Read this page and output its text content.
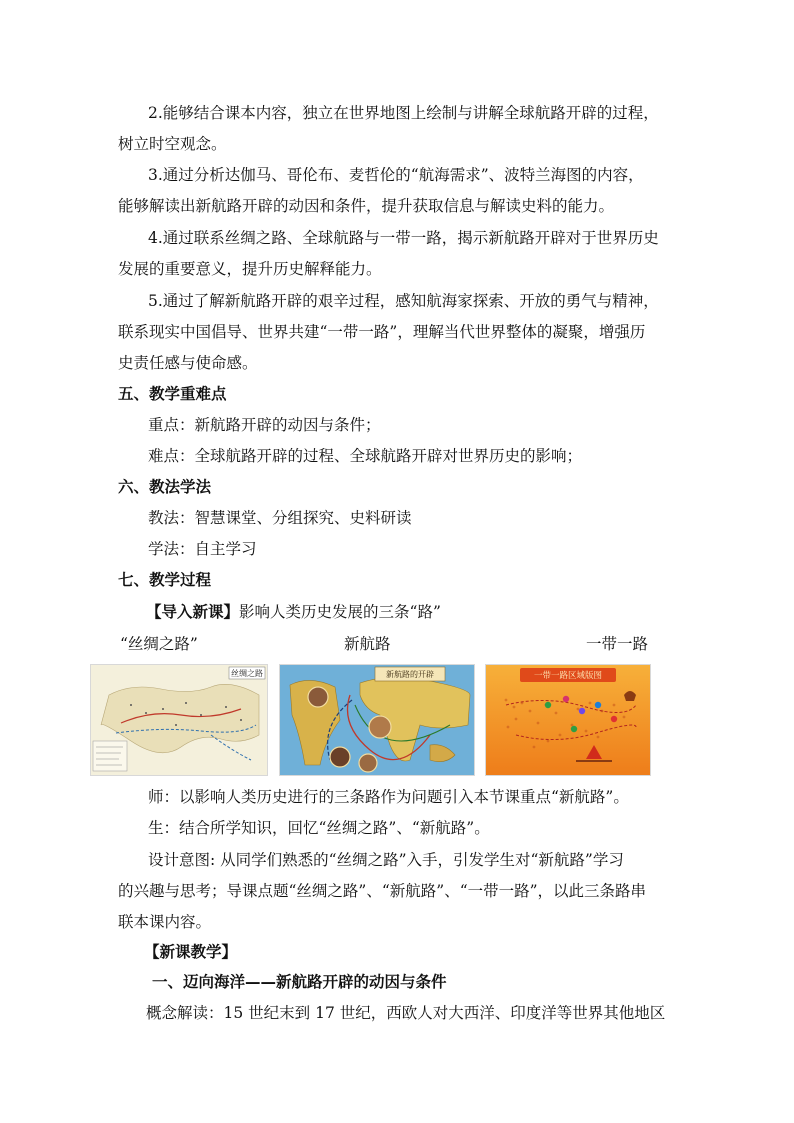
2.能够结合课本内容，独立在世界地图上绘制与讲解全球航路开辟的过程，
树立时空观念。
3.通过分析达伽马、哥伦布、麦哲伦的“航海需求”、波特兰海图的内容，
能够解读出新航路开辟的动因和条件，提升获取信息与解读史料的能力。
4.通过联系丝绸之路、全球航路与一带一路，揭示新航路开辟对于世界历史
发展的重要意义，提升历史解释能力。
5.通过了解新航路开辟的艰辛过程，感知航海家探索、开放的勇气与精神，
联系现实中国倡导、世界共建“一带一路”，理解当代世界整体的凝聚，增强历
史责任感与使命感。
五、教学重难点
重点：新航路开辟的动因与条件；
难点：全球航路开辟的过程、全球航路开辟对世界历史的影响；
六、教法学法
教法：智慧课堂、分组探究、史料研读
学法：自主学习
七、教学过程
【导入新课】影响人类历史发展的三条“路”
“丝绸之路”	新航路	一带一路
丝绸之路	新航路的开辟	一带一路区域版图
师：以影响人类历史进行的三条路作为问题引入本节课重点“新航路”。
生：结合所学知识，回忆“丝绸之路”、“新航路”。
设计意图: 从同学们熟悉的“丝绸之路”入手，引发学生对“新航路”学习
的兴趣与思考；导课点题“丝绸之路”、“新航路”、“一带一路”，以此三条路串
联本课内容。
【新课教学】
一、迈向海洋——新航路开辟的动因与条件
概念解读：15 世纪末到 17 世纪，西欧人对大西洋、印度洋等世界其他地区
